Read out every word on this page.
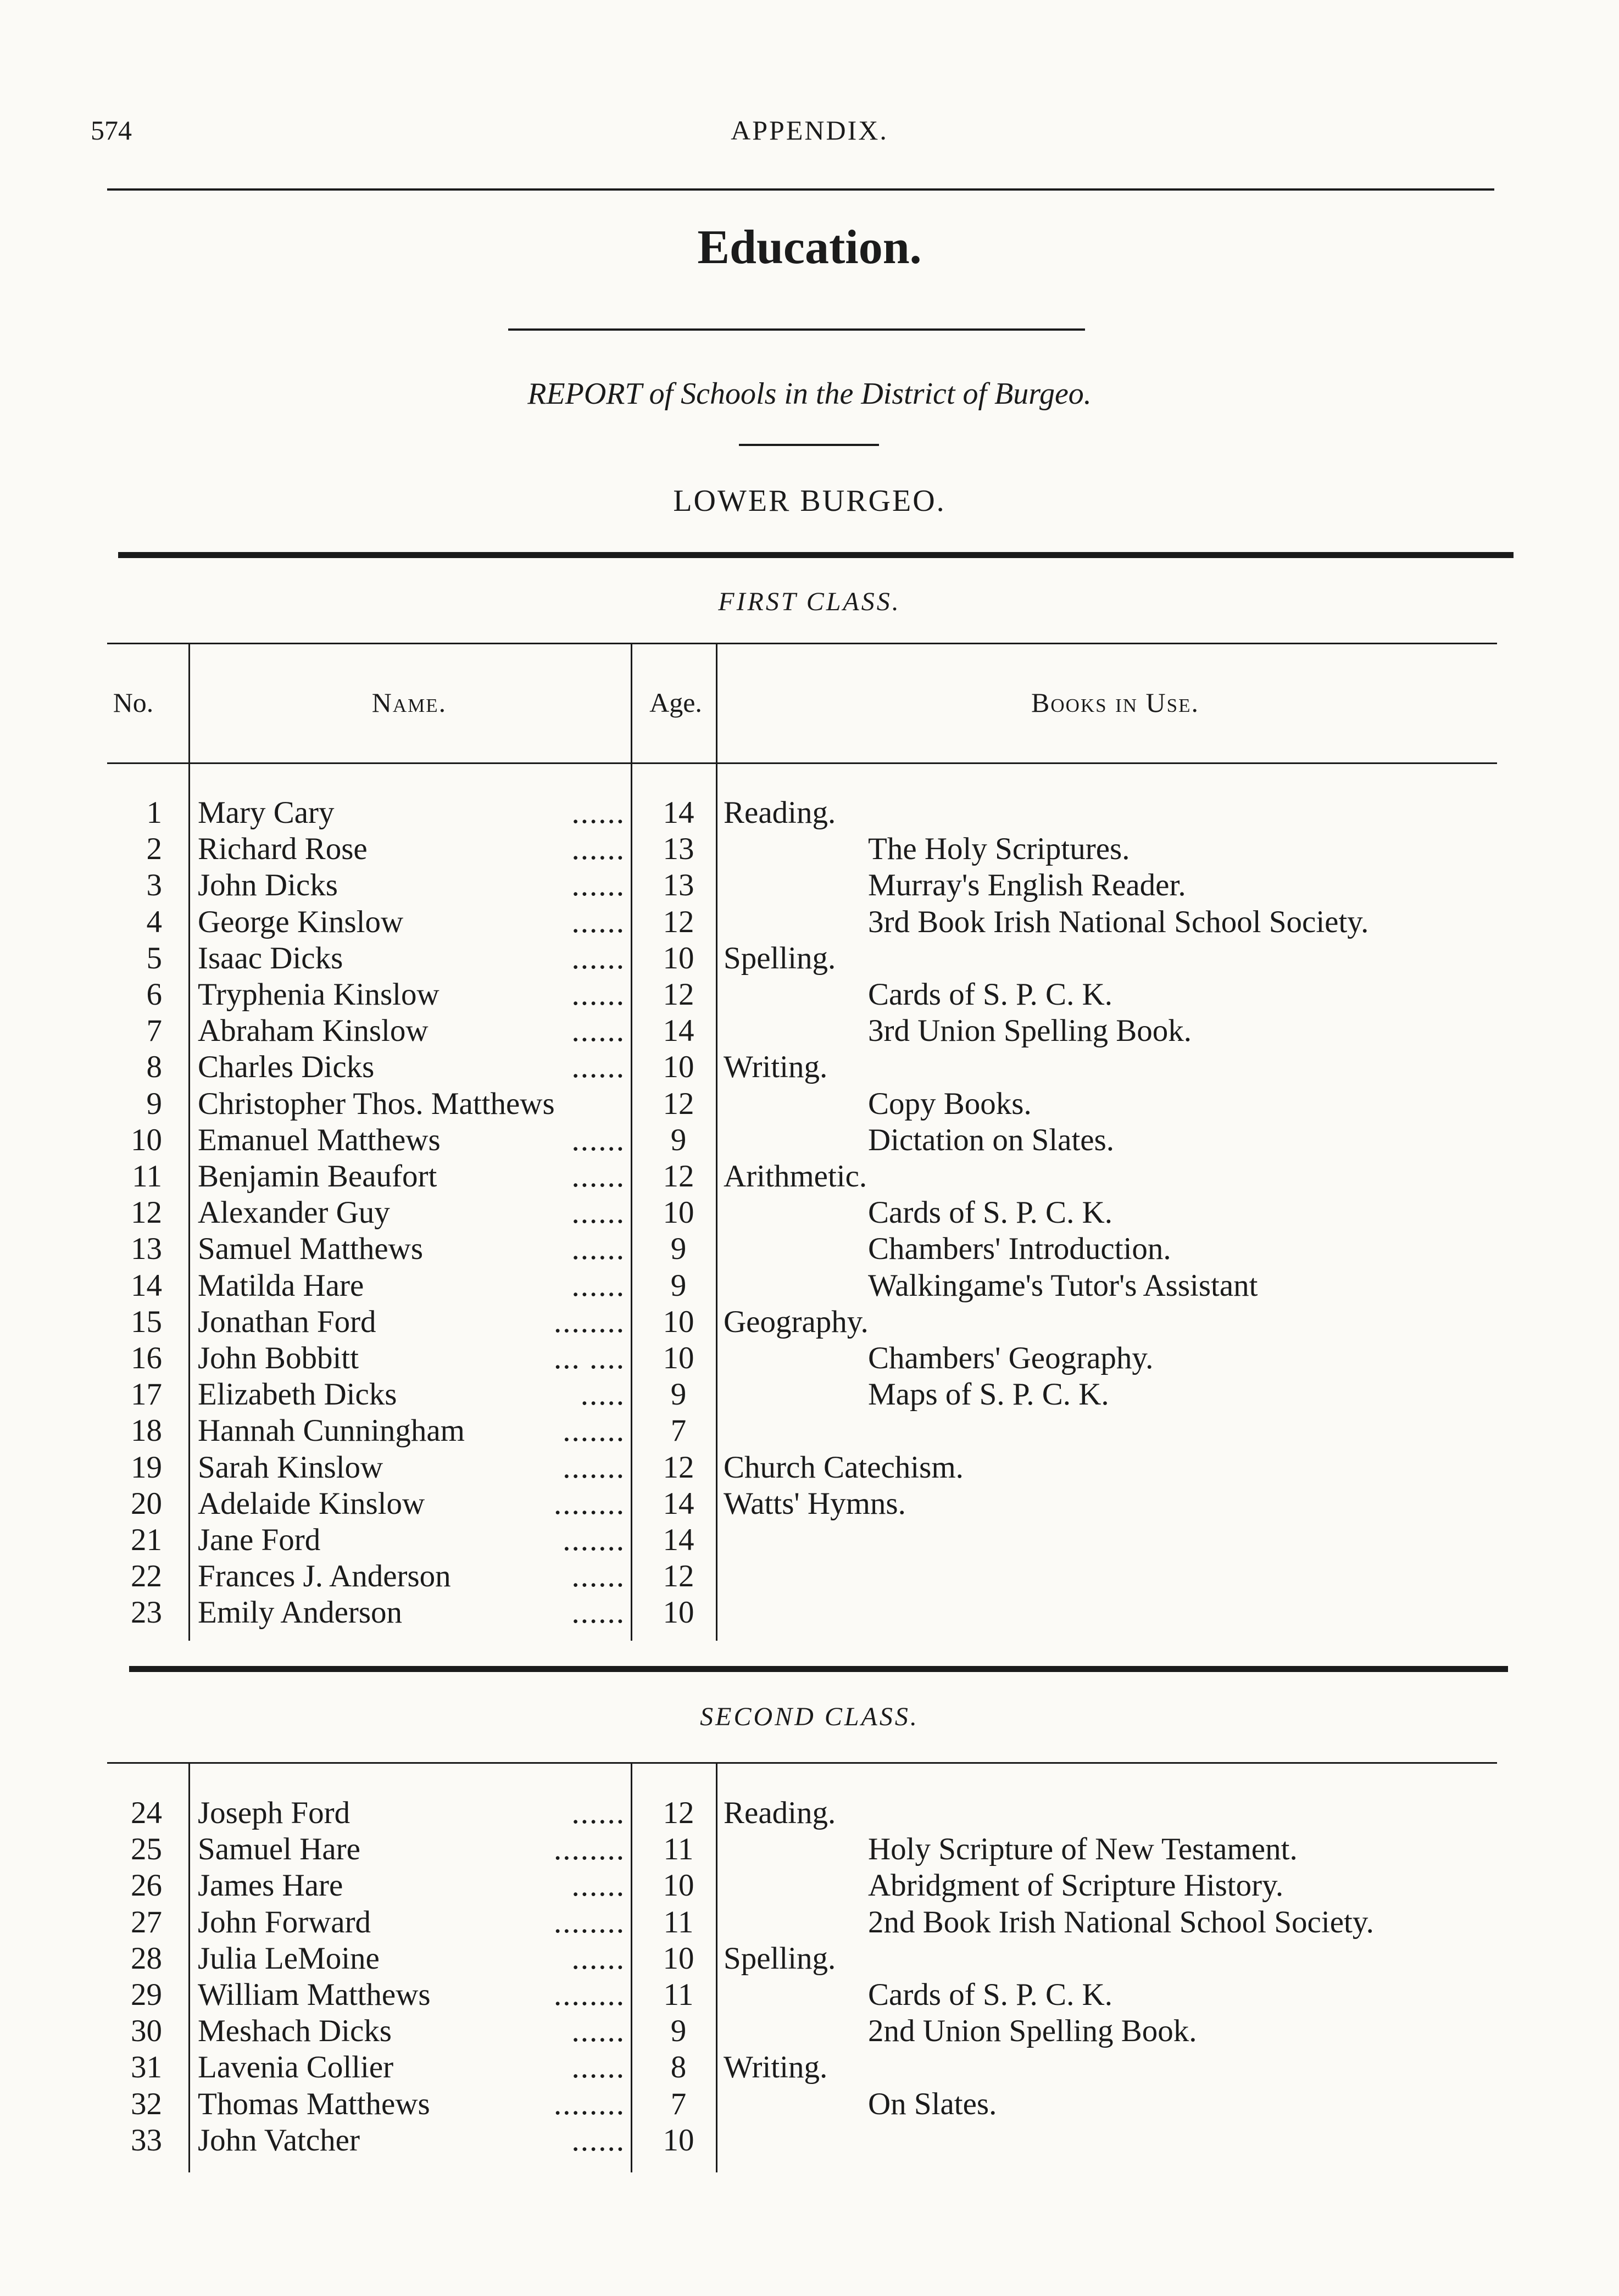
574	APPENDIX.
Education.
REPORT of Schools in the District of Burgeo.
LOWER BURGEO.
FIRST CLASS.
No.	Name.	Age.	Books in Use.
1 Mary Cary	......	14 Reading.
2 Richard Rose	......	13	The Holy Scriptures.
3 John Dicks	......	13	Murray's English Reader.
4 George Kinslow	......	12	3rd Book Irish National School Society.
5 Isaac Dicks	......	10 Spelling.
6 Tryphenia Kinslow	......	12	Cards of S. P. C. K.
7 Abraham Kinslow	......	14	3rd Union Spelling Book.
8 Charles Dicks	......	10 Writing.
9 Christopher Thos. Matthews	12	Copy Books.
10 Emanuel Matthews	......	9	Dictation on Slates.
11 Benjamin Beaufort	......	12 Arithmetic.
12 Alexander Guy	......	10	Cards of S. P. C. K.
13 Samuel Matthews	......	9	Chambers' Introduction.
14 Matilda Hare	......	9	Walkingame's Tutor's Assistant
15 Jonathan Ford	........	10 Geography.
16 John Bobbitt	... ....	10	Chambers' Geography.
17 Elizabeth Dicks	.....	9	Maps of S. P. C. K.
18 Hannah Cunningham	.......	7
19 Sarah Kinslow	.......	12 Church Catechism.
20 Adelaide Kinslow	........	14 Watts' Hymns.
21 Jane Ford	.......	14
22 Frances J. Anderson	......	12
23 Emily Anderson	......	10
SECOND CLASS.
24 Joseph Ford	......	12 Reading.
25 Samuel Hare	........	11	Holy Scripture of New Testament.
26 James Hare	......	10	Abridgment of Scripture History.
27 John Forward	........	11	2nd Book Irish National School Society.
28 Julia LeMoine	......	10 Spelling.
29 William Matthews	........	11	Cards of S. P. C. K.
30 Meshach Dicks	......	9	2nd Union Spelling Book.
31 Lavenia Collier	......	8	Writing.
32 Thomas Matthews	........	7	On Slates.
33 John Vatcher	......	10
